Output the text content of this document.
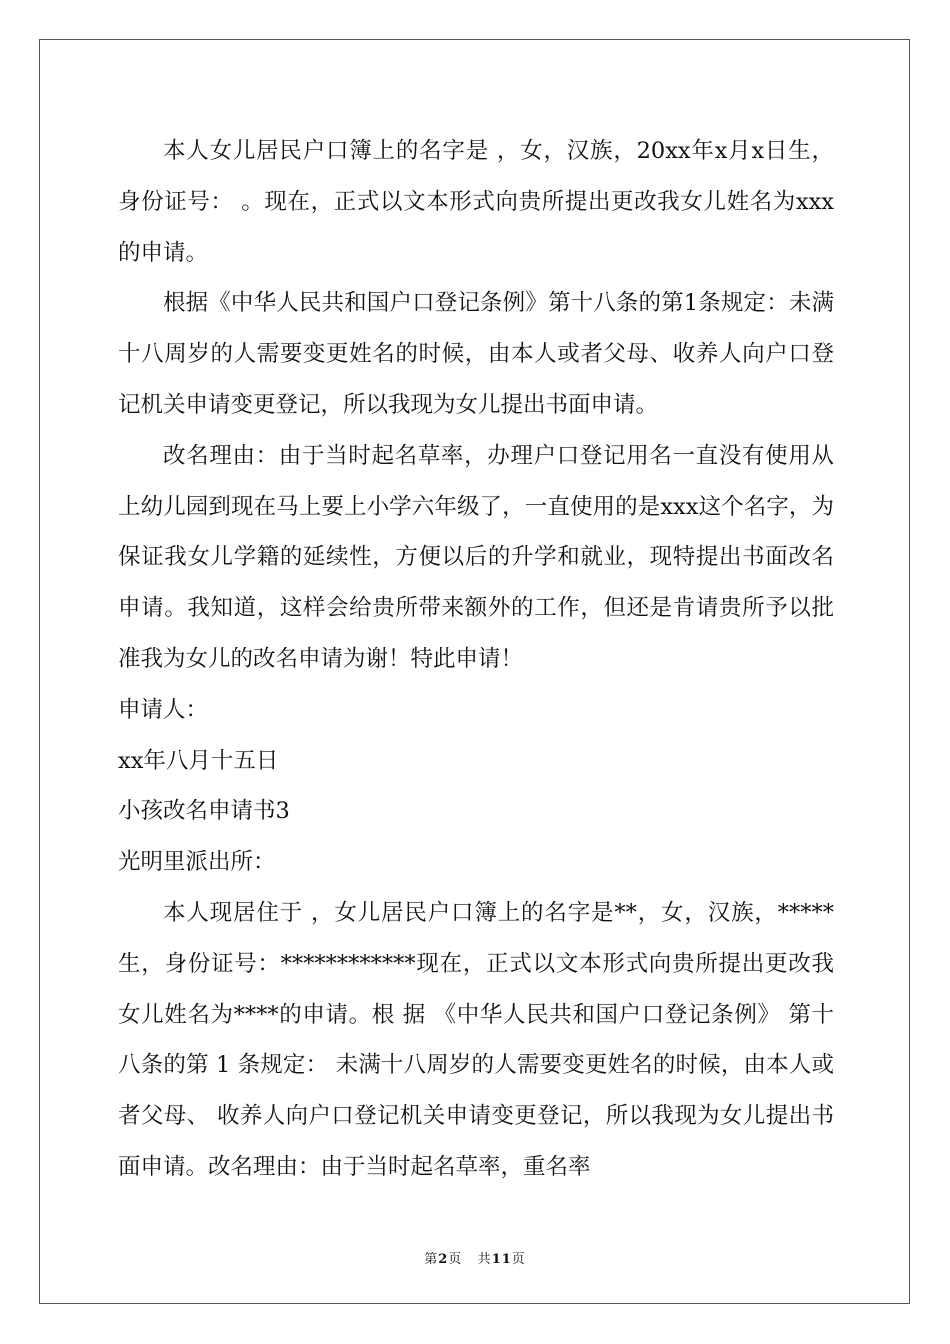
本人女儿居民户口簿上的名字是 ，女，汉族，20xx年x月x日生，身份证号： 。现在，正式以文本形式向贵所提出更改我女儿姓名为xxx的申请。

根据《中华人民共和国户口登记条例》第十八条的第1条规定：未满十八周岁的人需要变更姓名的时候，由本人或者父母、收养人向户口登记机关申请变更登记，所以我现为女儿提出书面申请。

改名理由：由于当时起名草率，办理户口登记用名一直没有使用从上幼儿园到现在马上要上小学六年级了，一直使用的是xxx这个名字，为保证我女儿学籍的延续性，方便以后的升学和就业，现特提出书面改名申请。我知道，这样会给贵所带来额外的工作，但还是肯请贵所予以批准我为女儿的改名申请为谢！特此申请！

申请人：

xx年八月十五日

小孩改名申请书3

光明里派出所：

本人现居住于 ，女儿居民户口簿上的名字是**，女，汉族，*****生，身份证号：************现在，正式以文本形式向贵所提出更改我女儿姓名为****的申请。根 据 《中华人民共和国户口登记条例》 第十八条的第 1 条规定： 未满十八周岁的人需要变更姓名的时候，由本人或者父母、 收养人向户口登记机关申请变更登记，所以我现为女儿提出书面申请。改名理由：由于当时起名草率，重名率

第2页 共11页
